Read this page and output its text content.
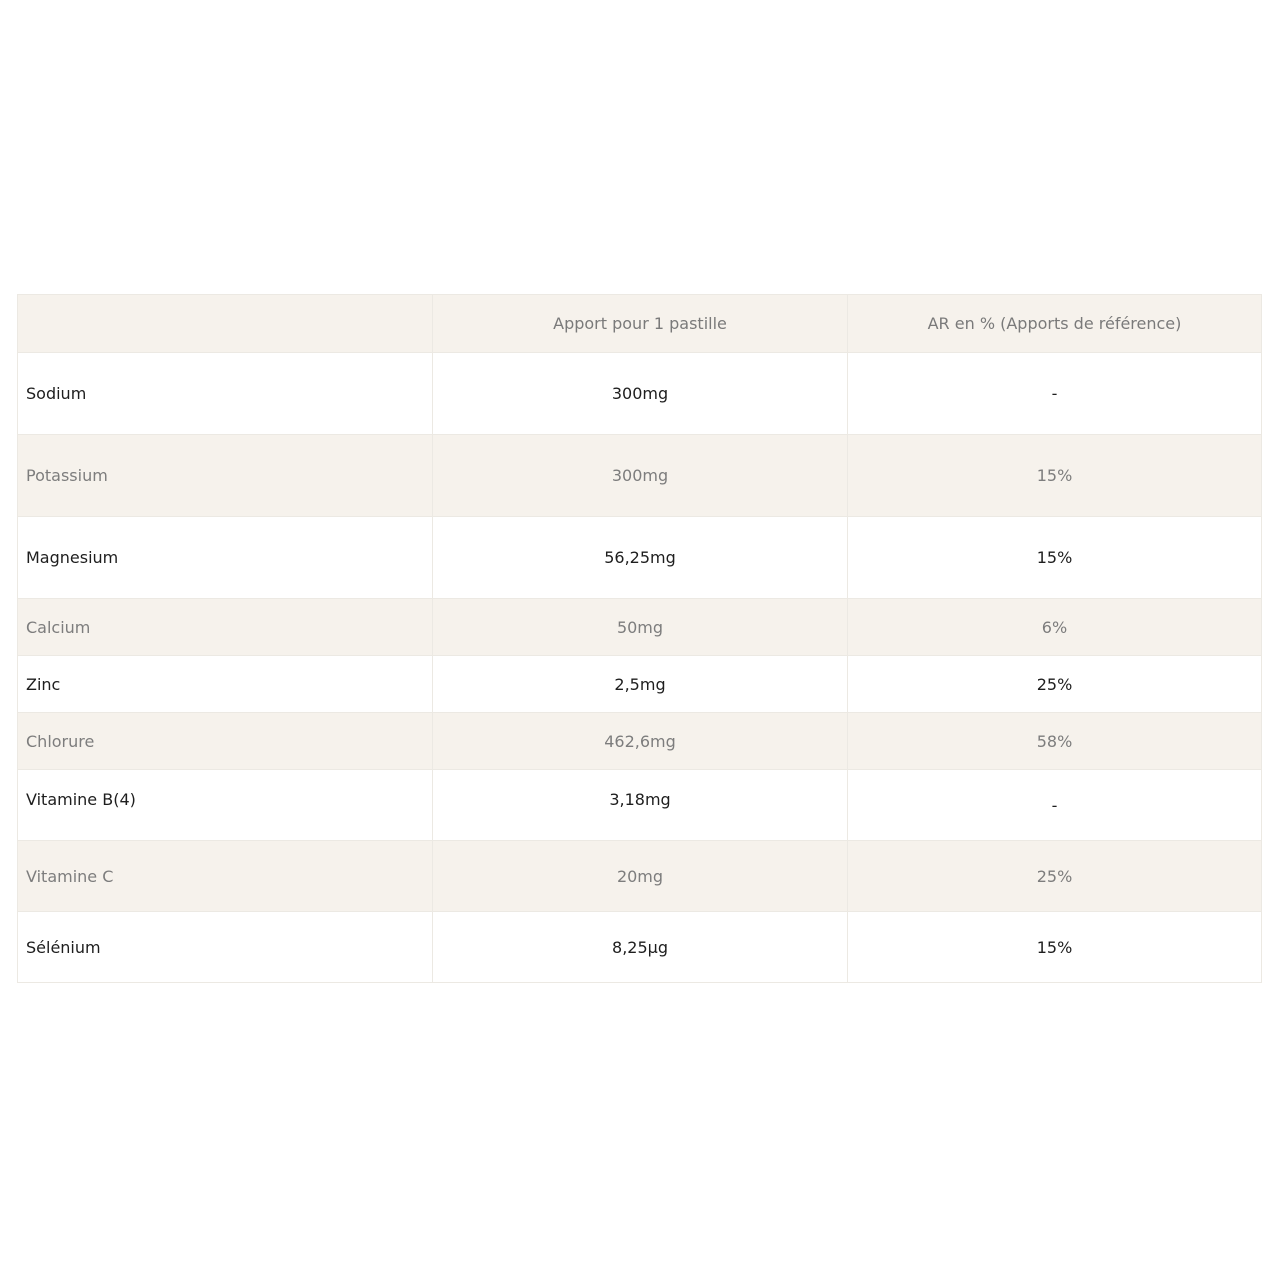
	Apport pour 1 pastille	AR en % (Apports de référence)
Sodium	300mg	-
Potassium	300mg	15%
Magnesium	56,25mg	15%
Calcium	50mg	6%
Zinc	2,5mg	25%
Chlorure	462,6mg	58%
Vitamine B(4)	3,18mg	-
Vitamine C	20mg	25%
Sélénium	8,25µg	15%
